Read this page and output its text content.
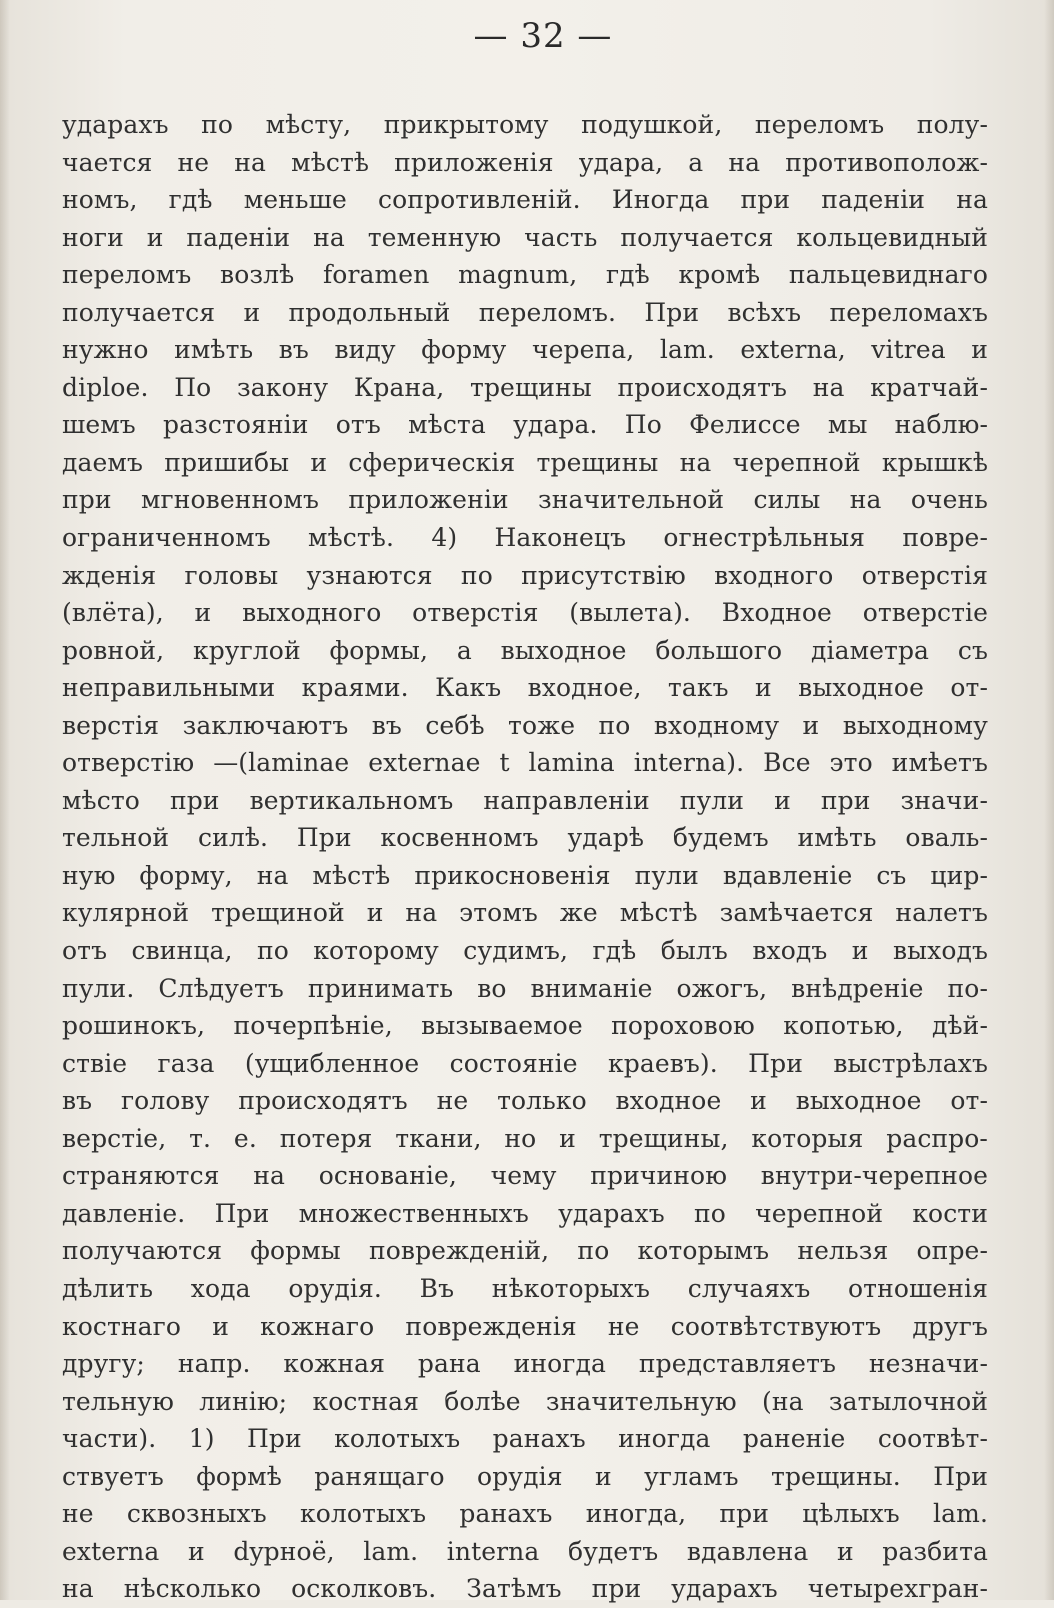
— 32 —
ударахъ по мѣсту, прикрытому подушкой, переломъ полу-
чается не на мѣстѣ приложенія удара, а на противополож-
номъ, гдѣ меньше сопротивленій. Иногда при паденіи на
ноги и паденіи на теменную часть получается кольцевидный
переломъ возлѣ foramen magnum, гдѣ кромѣ пальцевиднаго
получается и продольный переломъ. При всѣхъ переломахъ
нужно имѣть въ виду форму черепа, lam. externa, vitrea и
diploe. По закону Крана, трещины происходятъ на кратчай-
шемъ разстояніи отъ мѣста удара. По Фелиссе мы наблю-
даемъ пришибы и сферическія трещины на черепной крышкѣ
при мгновенномъ приложеніи значительной силы на очень
ограниченномъ мѣстѣ. 4) Наконецъ огнестрѣльныя повре-
жденія головы узнаются по присутствію входного отверстія
(влёта), и выходного отверстія (вылета). Входное отверстіе
ровной, круглой формы, а выходное большого діаметра съ
неправильными краями. Какъ входное, такъ и выходное от-
верстія заключаютъ въ себѣ тоже по входному и выходному
отверстію —(laminae externae t lamina interna). Все это имѣетъ
мѣсто при вертикальномъ направленіи пули и при значи-
тельной силѣ. При косвенномъ ударѣ будемъ имѣть оваль-
ную форму, на мѣстѣ прикосновенія пули вдавленіе съ цир-
кулярной трещиной и на этомъ же мѣстѣ замѣчается налетъ
отъ свинца, по которому судимъ, гдѣ былъ входъ и выходъ
пули. Слѣдуетъ принимать во вниманіе ожогъ, внѣдреніе по-
рошинокъ, почерпѣніе, вызываемое пороховою копотью, дѣй-
ствіе газа (ущибленное состояніе краевъ). При выстрѣлахъ
въ голову происходятъ не только входное и выходное от-
верстіе, т. е. потеря ткани, но и трещины, которыя распро-
страняются на основаніе, чему причиною внутри-черепное
давленіе. При множественныхъ ударахъ по черепной кости
получаются формы поврежденій, по которымъ нельзя опре-
дѣлить хода орудія. Въ нѣкоторыхъ случаяхъ отношенія
костнаго и кожнаго поврежденія не соотвѣтствуютъ другъ
другу; напр. кожная рана иногда представляетъ незначи-
тельную линію; костная болѣе значительную (на затылочной
части). 1) При колотыхъ ранахъ иногда раненіе соотвѣт-
ствуетъ формѣ ранящаго орудія и угламъ трещины. При
не сквозныхъ колотыхъ ранахъ иногда, при цѣлыхъ lam.
externa и dyрноё, lam. interna будетъ вдавлена и разбита
на нѣсколько осколковъ. Затѣмъ при ударахъ четырехгран-
